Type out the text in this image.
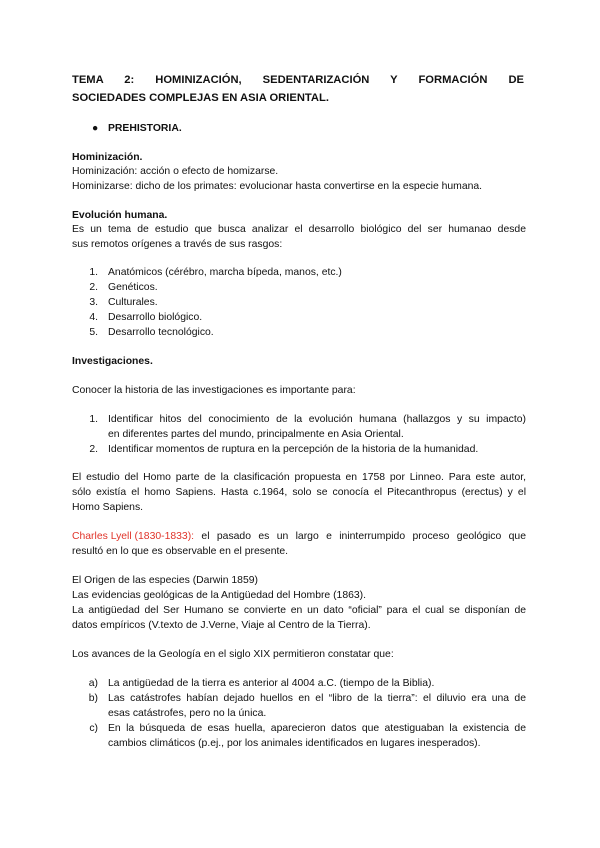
TEMA 2: HOMINIZACIÓN, SEDENTARIZACIÓN Y FORMACIÓN DE
SOCIEDADES COMPLEJAS EN ASIA ORIENTAL.
● PREHISTORIA.
Hominización.
Hominización: acción o efecto de homizarse.
Hominizarse: dicho de los primates: evolucionar hasta convertirse en la especie humana.
Evolución humana.
Es un tema de estudio que busca analizar el desarrollo biológico del ser humanao desde
sus remotos orígenes a través de sus rasgos:
1. Anatómicos (cérébro, marcha bípeda, manos, etc.)
2. Genéticos.
3. Culturales.
4. Desarrollo biológico.
5. Desarrollo tecnológico.
Investigaciones.
Conocer la historia de las investigaciones es importante para:
1. Identificar hitos del conocimiento de la evolución humana (hallazgos y su impacto)
en diferentes partes del mundo, principalmente en Asia Oriental.
2. Identificar momentos de ruptura en la percepción de la historia de la humanidad.
El estudio del Homo parte de la clasificación propuesta en 1758 por Linneo. Para este autor,
sólo existía el homo Sapiens. Hasta c.1964, solo se conocía el Pitecanthropus (erectus) y el
Homo Sapiens.
Charles Lyell (1830-1833): el pasado es un largo e ininterrumpido proceso geológico que
resultó en lo que es observable en el presente.
El Origen de las especies (Darwin 1859)
Las evidencias geológicas de la Antigüedad del Hombre (1863).
La antigüedad del Ser Humano se convierte en un dato “oficial” para el cual se disponían de
datos empíricos (V.texto de J.Verne, Viaje al Centro de la Tierra).
Los avances de la Geología en el siglo XIX permitieron constatar que:
a) La antigüedad de la tierra es anterior al 4004 a.C. (tiempo de la Biblia).
b) Las catástrofes habían dejado huellos en el “libro de la tierra”: el diluvio era una de
esas catástrofes, pero no la única.
c) En la búsqueda de esas huella, aparecieron datos que atestiguaban la existencia de
cambios climáticos (p.ej., por los animales identificados en lugares inesperados).
